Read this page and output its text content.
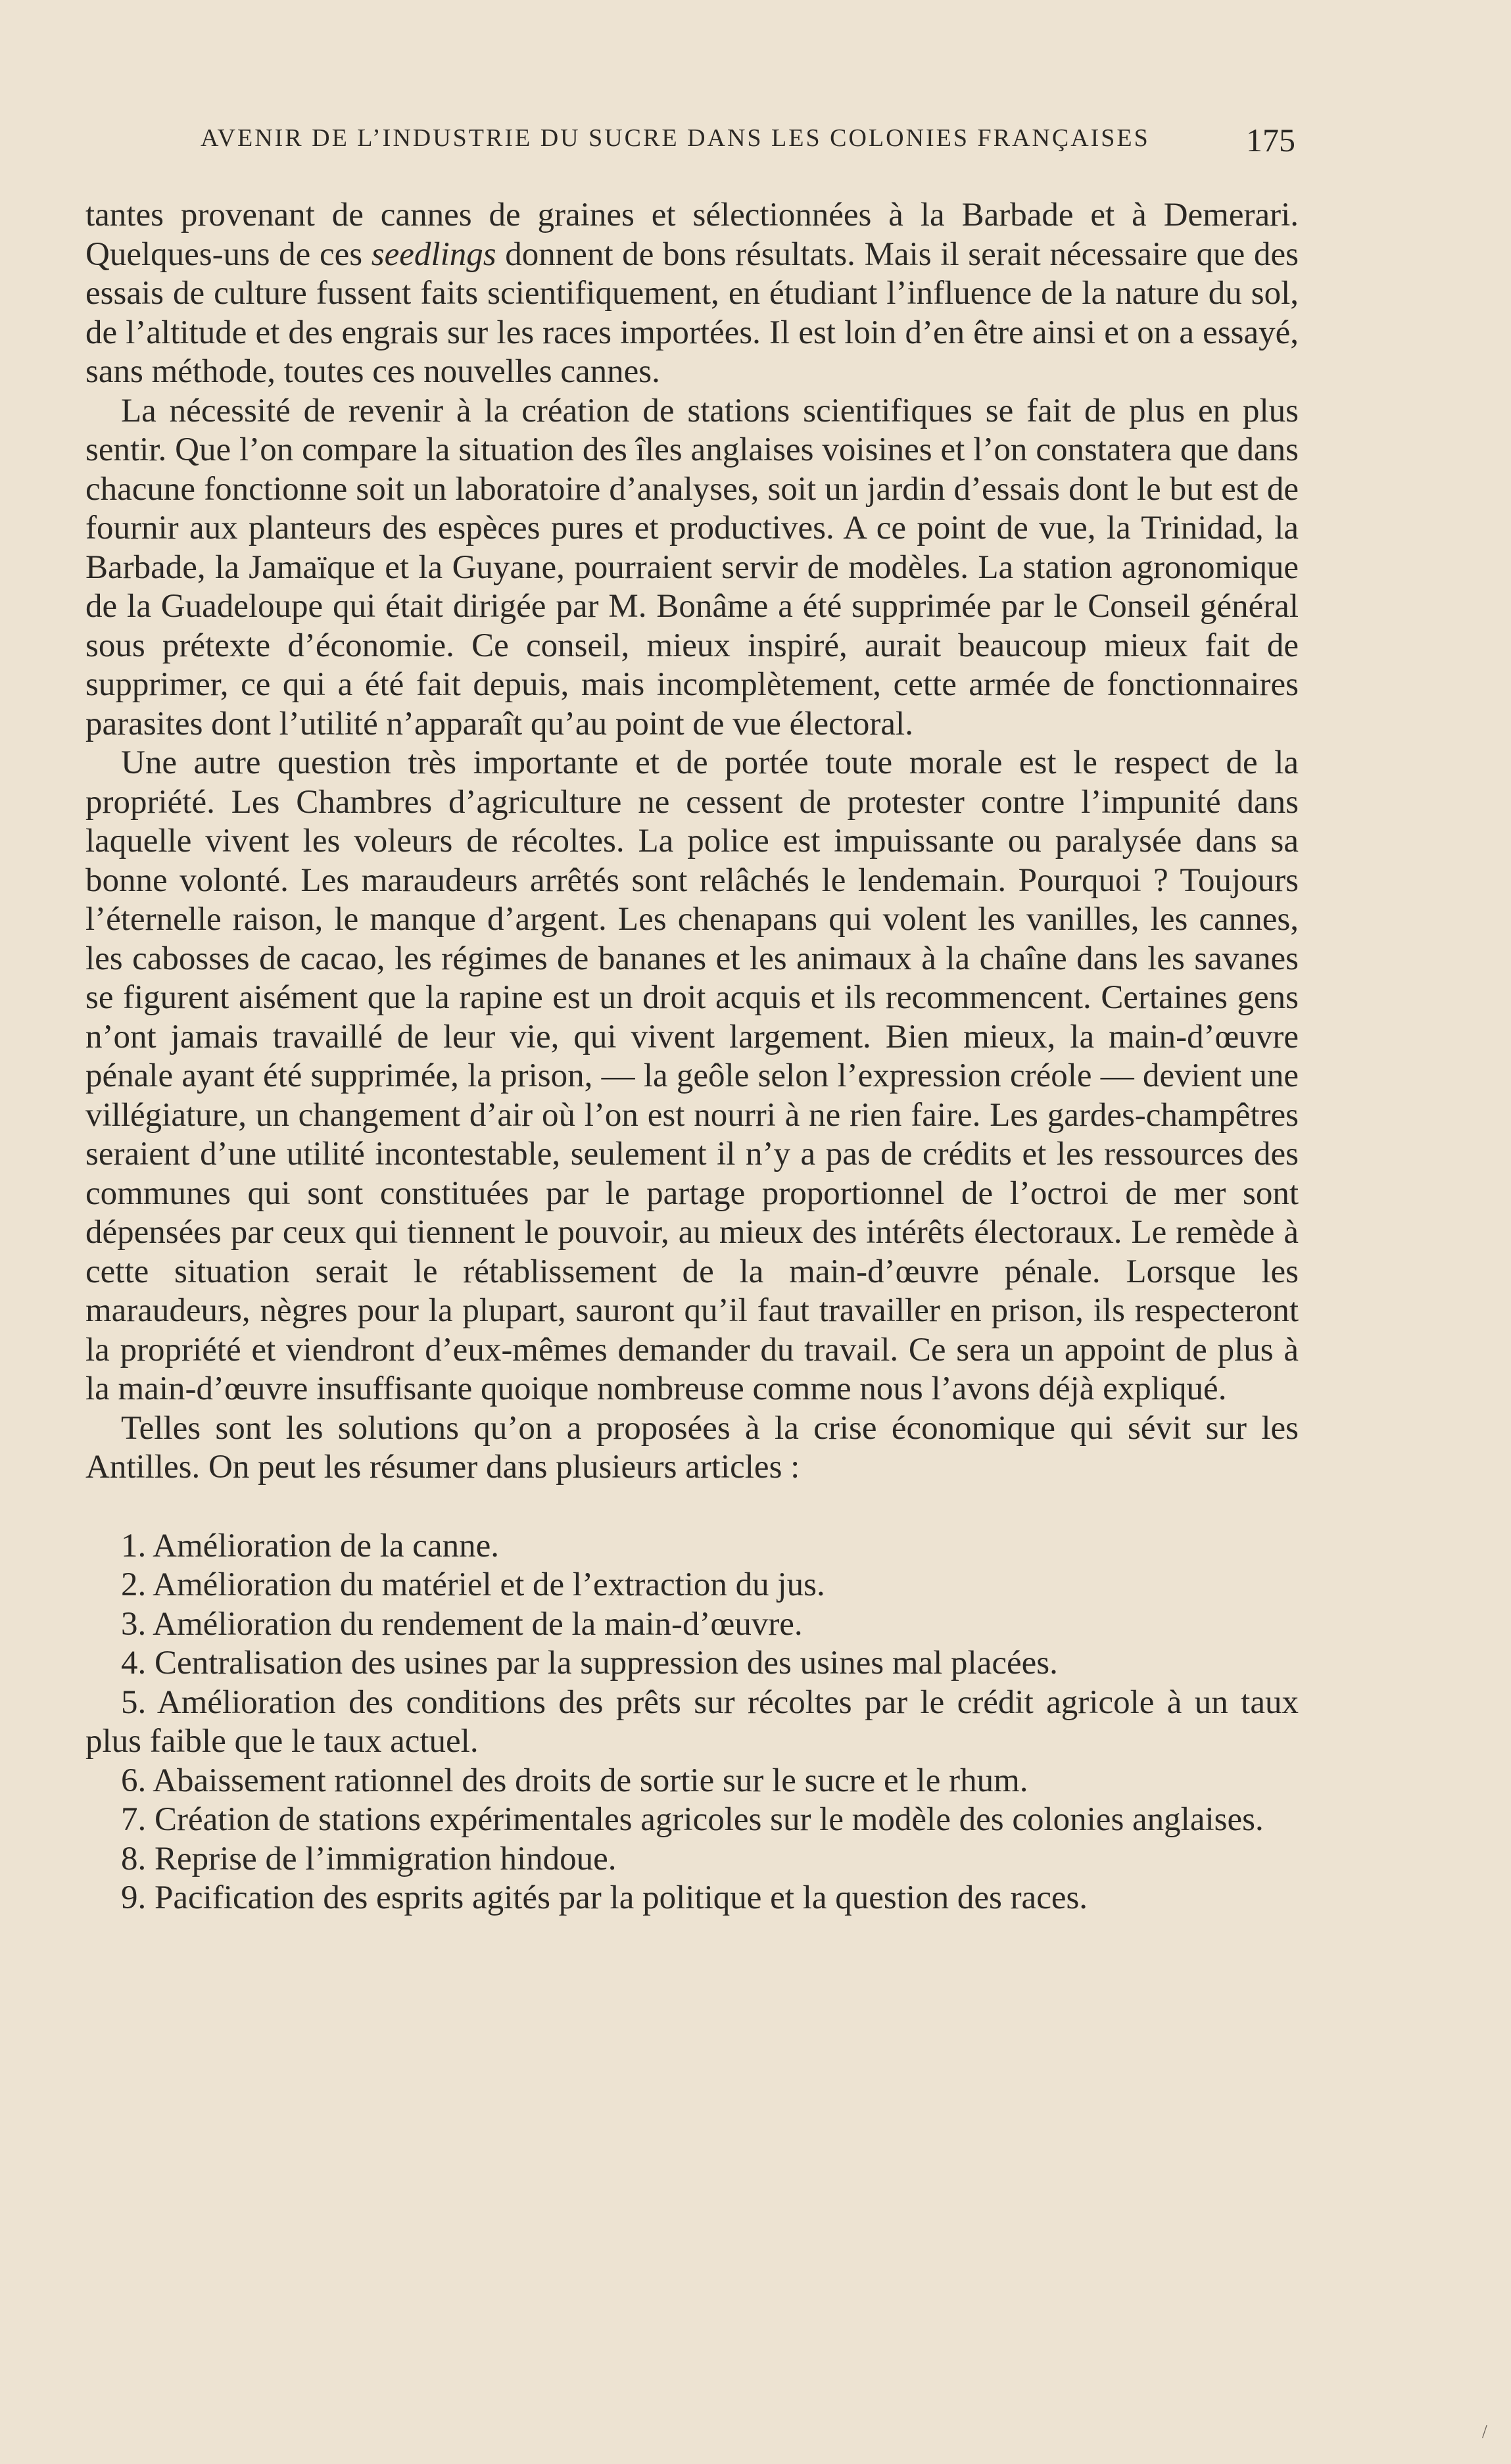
AVENIR DE L’INDUSTRIE DU SUCRE DANS LES COLONIES FRANÇAISES	175

tantes provenant de cannes de graines et sélectionnées à la Barbade et à Demerari. Quelques-uns de ces seedlings donnent de bons résultats. Mais il serait nécessaire que des essais de culture fussent faits scientifiquement, en étudiant l’influence de la nature du sol, de l’altitude et des engrais sur les races importées. Il est loin d’en être ainsi et on a essayé, sans méthode, toutes ces nouvelles cannes.

La nécessité de revenir à la création de stations scientifiques se fait de plus en plus sentir. Que l’on compare la situation des îles anglaises voisines et l’on constatera que dans chacune fonctionne soit un laboratoire d’analyses, soit un jardin d’essais dont le but est de fournir aux planteurs des espèces pures et productives. A ce point de vue, la Trinidad, la Barbade, la Jamaïque et la Guyane, pourraient servir de modèles. La station agronomique de la Guadeloupe qui était dirigée par M. Bonâme a été supprimée par le Conseil général sous prétexte d’économie. Ce conseil, mieux inspiré, aurait beaucoup mieux fait de supprimer, ce qui a été fait depuis, mais incomplètement, cette armée de fonctionnaires parasites dont l’utilité n’apparaît qu’au point de vue électoral.

Une autre question très importante et de portée toute morale est le respect de la propriété. Les Chambres d’agriculture ne cessent de protester contre l’impunité dans laquelle vivent les voleurs de récoltes. La police est impuissante ou paralysée dans sa bonne volonté. Les maraudeurs arrêtés sont relâchés le lendemain. Pourquoi ? Toujours l’éternelle raison, le manque d’argent. Les chenapans qui volent les vanilles, les cannes, les cabosses de cacao, les régimes de bananes et les animaux à la chaîne dans les savanes se figurent aisément que la rapine est un droit acquis et ils recommencent. Certaines gens n’ont jamais travaillé de leur vie, qui vivent largement. Bien mieux, la main-d’œuvre pénale ayant été supprimée, la prison, — la geôle selon l’expression créole — devient une villégiature, un changement d’air où l’on est nourri à ne rien faire. Les gardes-champêtres seraient d’une utilité incontestable, seulement il n’y a pas de crédits et les ressources des communes qui sont constituées par le partage proportionnel de l’octroi de mer sont dépensées par ceux qui tiennent le pouvoir, au mieux des intérêts électoraux. Le remède à cette situation serait le rétablissement de la main-d’œuvre pénale. Lorsque les maraudeurs, nègres pour la plupart, sauront qu’il faut travailler en prison, ils respecteront la propriété et viendront d’eux-mêmes demander du travail. Ce sera un appoint de plus à la main-d’œuvre insuffisante quoique nombreuse comme nous l’avons déjà expliqué.

Telles sont les solutions qu’on a proposées à la crise économique qui sévit sur les Antilles. On peut les résumer dans plusieurs articles :

1. Amélioration de la canne.
2. Amélioration du matériel et de l’extraction du jus.
3. Amélioration du rendement de la main-d’œuvre.
4. Centralisation des usines par la suppression des usines mal placées.
5. Amélioration des conditions des prêts sur récoltes par le crédit agricole à un taux plus faible que le taux actuel.
6. Abaissement rationnel des droits de sortie sur le sucre et le rhum.
7. Création de stations expérimentales agricoles sur le modèle des colonies anglaises.
8. Reprise de l’immigration hindoue.
9. Pacification des esprits agités par la politique et la question des races.
/
